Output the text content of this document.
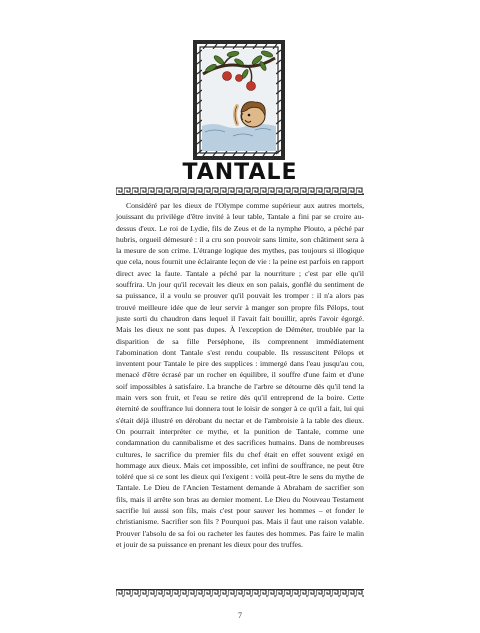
TANTALE

Considéré par les dieux de l'Olympe comme supérieur aux autres mortels, jouissant du privilège d'être invité à leur table, Tantale a fini par se croire au-dessus d'eux. Le roi de Lydie, fils de Zeus et de la nymphe Plouto, a péché par hubris, orgueil démesuré : il a cru son pouvoir sans limite, son châtiment sera à la mesure de son crime. L'étrange logique des mythes, pas toujours si illogique que cela, nous fournit une éclairante leçon de vie : la peine est parfois en rapport direct avec la faute. Tantale a péché par la nourriture ; c'est par elle qu'il souffrira. Un jour qu'il recevait les dieux en son palais, gonflé du sentiment de sa puissance, il a voulu se prouver qu'il pouvait les tromper : il n'a alors pas trouvé meilleure idée que de leur servir à manger son propre fils Pélops, tout juste sorti du chaudron dans lequel il l'avait fait bouillir, après l'avoir égorgé. Mais les dieux ne sont pas dupes. À l'exception de Déméter, troublée par la disparition de sa fille Perséphone, ils comprennent immédiatement l'abomination dont Tantale s'est rendu coupable. Ils ressuscitent Pélops et inventent pour Tantale le pire des supplices : immergé dans l'eau jusqu'au cou, menacé d'être écrasé par un rocher en équilibre, il souffre d'une faim et d'une soif impossibles à satisfaire. La branche de l'arbre se détourne dès qu'il tend la main vers son fruit, et l'eau se retire dès qu'il entreprend de la boire. Cette éternité de souffrance lui donnera tout le loisir de songer à ce qu'il a fait, lui qui s'était déjà illustré en dérobant du nectar et de l'ambroisie à la table des dieux. On pourrait interpréter ce mythe, et la punition de Tantale, comme une condamnation du cannibalisme et des sacrifices humains. Dans de nombreuses cultures, le sacrifice du premier fils du chef était en effet souvent exigé en hommage aux dieux. Mais cet impossible, cet infini de souffrance, ne peut être toléré que si ce sont les dieux qui l'exigent : voilà peut-être le sens du mythe de Tantale. Le Dieu de l'Ancien Testament demande à Abraham de sacrifier son fils, mais il arrête son bras au dernier moment. Le Dieu du Nouveau Testament sacrifie lui aussi son fils, mais c'est pour sauver les hommes – et fonder le christianisme. Sacrifier son fils ? Pourquoi pas. Mais il faut une raison valable. Prouver l'absolu de sa foi ou racheter les fautes des hommes. Pas faire le malin et jouir de sa puissance en prenant les dieux pour des truffes.

7
